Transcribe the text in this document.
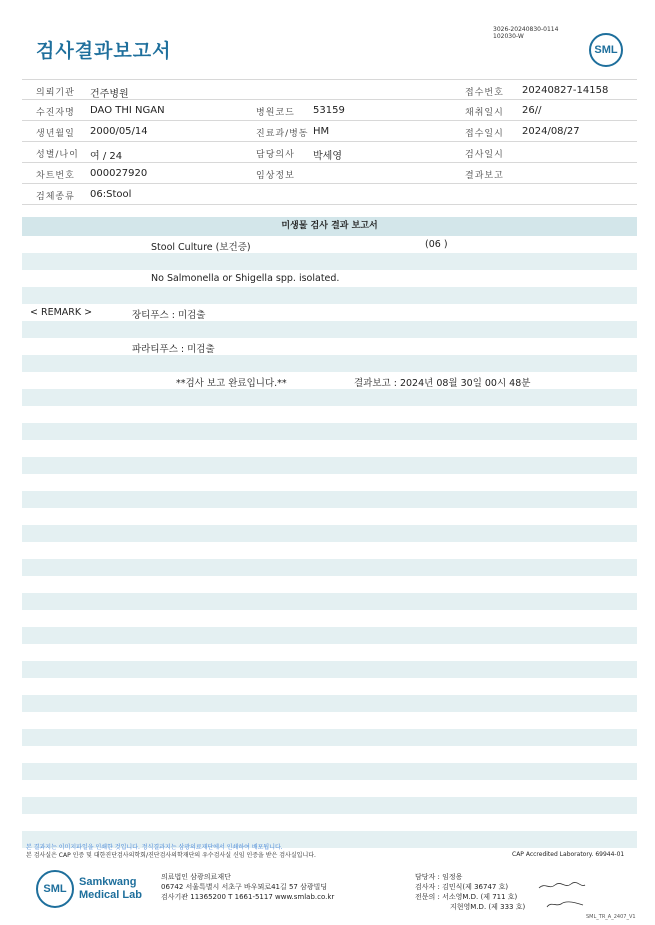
3026-20240830-0114
102030-W
검사결과보고서	SML
의뢰기관 건주병원	접수번호 20240827-14158
수진자명 DAO THI NGAN	병원코드 53159	채취일시 26//
생년월일 2000/05/14	진료과/병동 HM	접수일시 2024/08/27
성별/나이 여 / 24	담당의사 박세영	검사일시
차트번호 000027920	임상정보	결과보고
검체종류 06:Stool
미생물 검사 결과 보고서
Stool Culture (보건증)	(06 )
No Salmonella or Shigella spp. isolated.
< REMARK >	장티푸스 : 미검출
파라티푸스 : 미검출
**검사 보고 완료입니다.**	결과보고 : 2024년 08월 30일 00시 48분
본 결과지는 이미지파일을 인쇄한 것입니다. 정식결과지는 삼광의료재단에서 인쇄하여 배포됩니다.
본 검사실은 CAP 인증 및 대한진단검사의학회/진단검사의학재단의 우수검사실 신임 인증을 받은 검사실입니다.	CAP Accredited Laboratory. 69944-01
SML
Samkwang
Medical Lab
의료법인 삼광의료재단
06742 서울특별시 서초구 바우뫼로41길 57 삼광빌딩
검사기관 11365200 T 1661-5117 www.smlab.co.kr
담당자 : 임정용
검사자 : 김민식(제 36747 호)
전문의 : 서소영M.D. (제 711 호)
지현영M.D. (제 333 호)
SML_TR_A_2407_V1
